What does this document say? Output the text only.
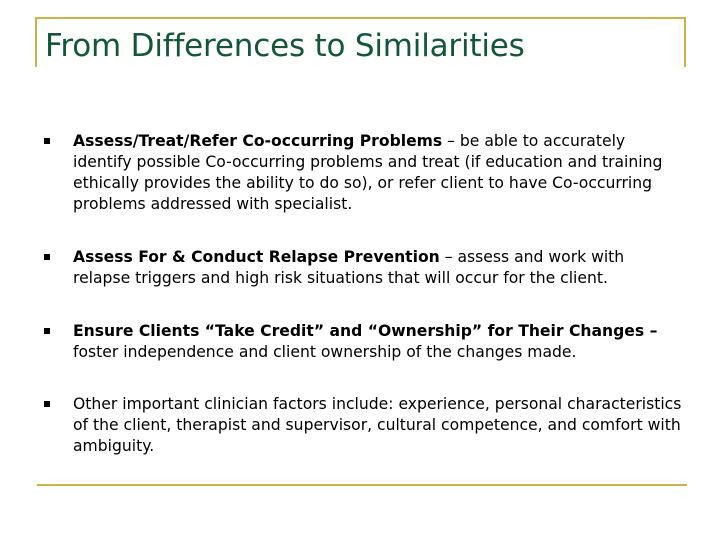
From Differences to Similarities
Assess/Treat/Refer Co-occurring Problems – be able to accurately identify possible Co-occurring problems and treat (if education and training ethically provides the ability to do so), or refer client to have Co-occurring problems addressed with specialist.
Assess For & Conduct Relapse Prevention – assess and work with relapse triggers and high risk situations that will occur for the client.
Ensure Clients “Take Credit” and “Ownership” for Their Changes – foster independence and client ownership of the changes made.
Other important clinician factors include: experience, personal characteristics of the client, therapist and supervisor, cultural competence, and comfort with ambiguity.
